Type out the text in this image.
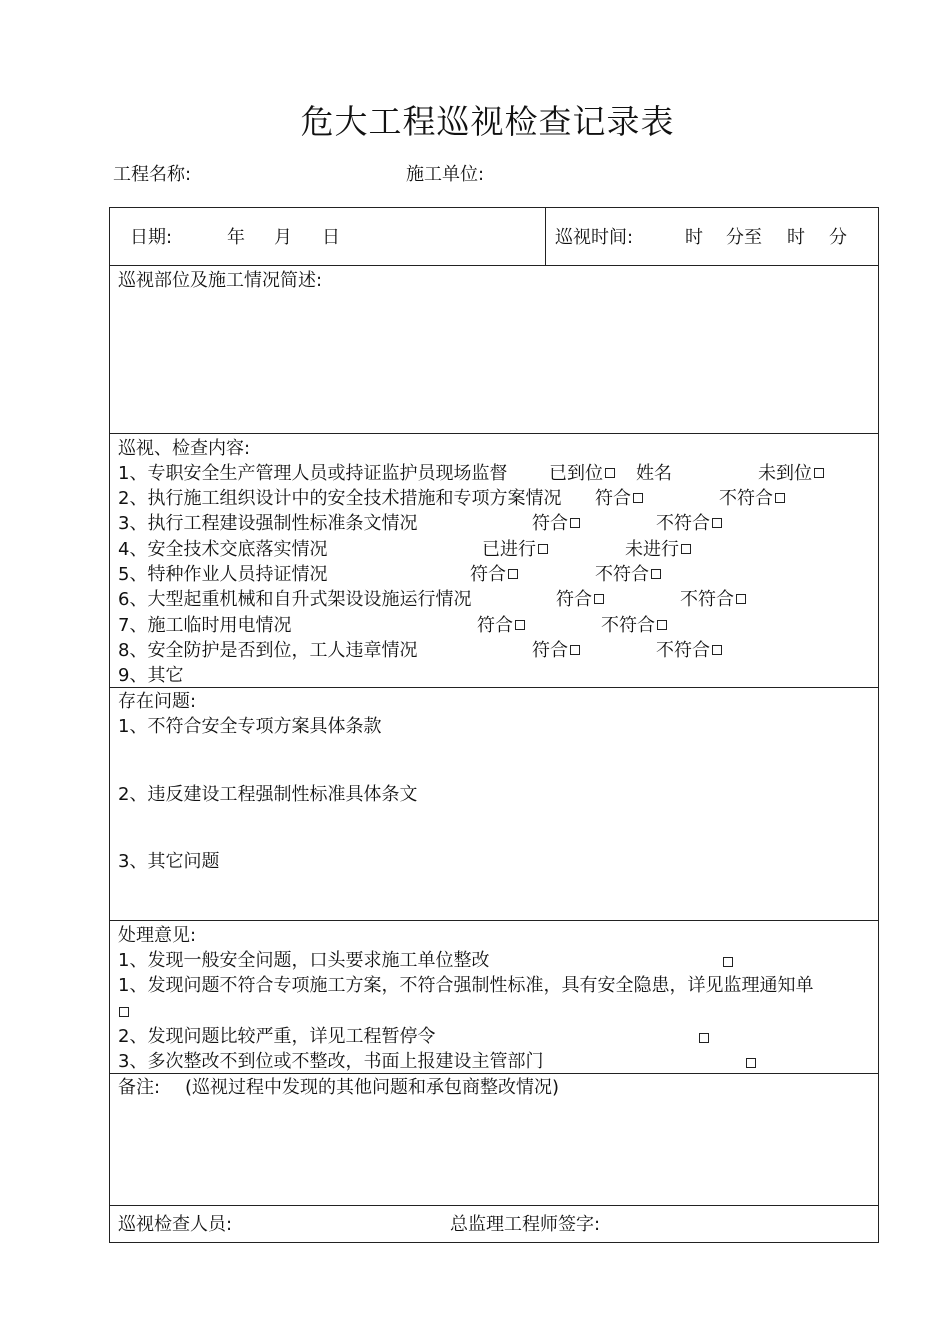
危大工程巡视检查记录表
工程名称:	施工单位:
日期:	年 月 日	巡视时间:	时 分至 时 分
巡视部位及施工情况简述:
巡视、检查内容:
1、专职安全生产管理人员或持证监护员现场监督 已到位	姓名	未到位
2、执行施工组织设计中的安全技术措施和专项方案情况 符合	不符合
3、执行工程建设强制性标准条文情况	符合	不符合
4、安全技术交底落实情况	已进行	未进行
5、特种作业人员持证情况	符合	不符合
6、大型起重机械和自升式架设设施运行情况	符合	不符合
7、施工临时用电情况	符合	不符合
8、安全防护是否到位，工人违章情况	符合	不符合
9、其它
存在问题:
1、不符合安全专项方案具体条款
2、违反建设工程强制性标准具体条文
3、其它问题
处理意见:
1、发现一般安全问题，口头要求施工单位整改
1、发现问题不符合专项施工方案，不符合强制性标准，具有安全隐患，详见监理通知单
2、发现问题比较严重，详见工程暂停令
3、多次整改不到位或不整改，书面上报建设主管部门
备注: (巡视过程中发现的其他问题和承包商整改情况)
巡视检查人员:	总监理工程师签字:
